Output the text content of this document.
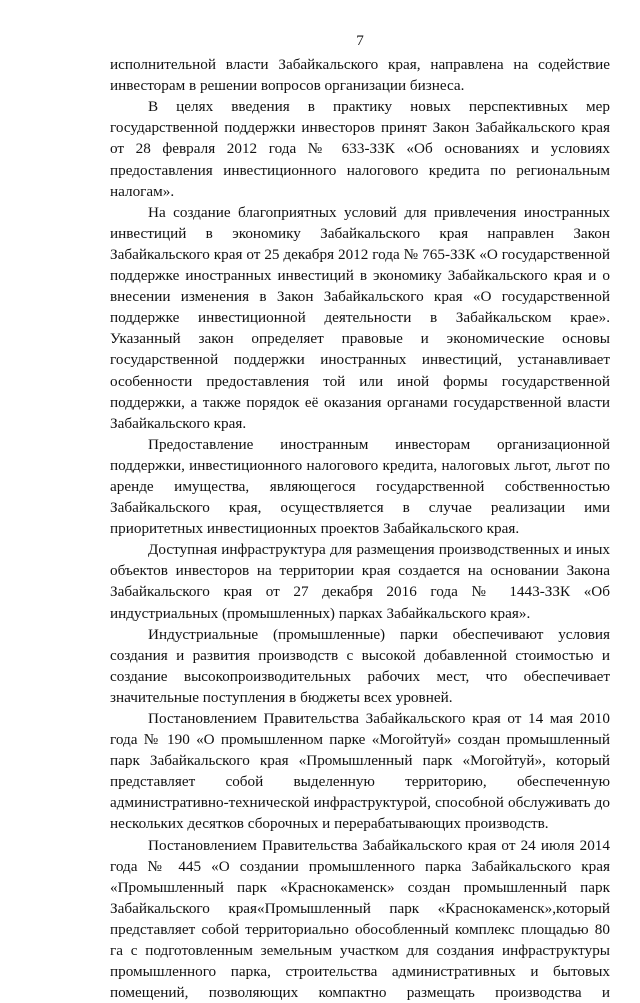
7

исполнительной власти Забайкальского края, направлена на содействие инвесторам в решении вопросов организации бизнеса.

В целях введения в практику новых перспективных мер государственной поддержки инвесторов принят Закон Забайкальского края от 28 февраля 2012 года № 633-ЗЗК «Об основаниях и условиях предоставления инвестиционного налогового кредита по региональным налогам».

На создание благоприятных условий для привлечения иностранных инвестиций в экономику Забайкальского края направлен Закон Забайкальского края от 25 декабря 2012 года № 765-ЗЗК «О государственной поддержке иностранных инвестиций в экономику Забайкальского края и о внесении изменения в Закон Забайкальского края «О государственной поддержке инвестиционной деятельности в Забайкальском крае». Указанный закон определяет правовые и экономические основы государственной поддержки иностранных инвестиций, устанавливает особенности предоставления той или иной формы государственной поддержки, а также порядок её оказания органами государственной власти Забайкальского края.

Предоставление иностранным инвесторам организационной поддержки, инвестиционного налогового кредита, налоговых льгот, льгот по аренде имущества, являющегося государственной собственностью Забайкальского края, осуществляется в случае реализации ими приоритетных инвестиционных проектов Забайкальского края.

Доступная инфраструктура для размещения производственных и иных объектов инвесторов на территории края создается на основании Закона Забайкальского края от 27 декабря 2016 года № 1443-ЗЗК «Об индустриальных (промышленных) парках Забайкальского края».

Индустриальные (промышленные) парки обеспечивают условия создания и развития производств с высокой добавленной стоимостью и создание высокопроизводительных рабочих мест, что обеспечивает значительные поступления в бюджеты всех уровней.

Постановлением Правительства Забайкальского края от 14 мая 2010 года № 190 «О промышленном парке «Могойтуй» создан промышленный парк Забайкальского края «Промышленный парк «Могойтуй», который представляет собой выделенную территорию, обеспеченную административно-технической инфраструктурой, способной обслуживать до нескольких десятков сборочных и перерабатывающих производств.

Постановлением Правительства Забайкальского края от 24 июля 2014 года № 445 «О создании промышленного парка Забайкальского края «Промышленный парк «Краснокаменск» создан промышленный парк Забайкальского края«Промышленный парк «Краснокаменск»,который представляет собой территориально обособленный комплекс площадью 80 га с подготовленным земельным участком для создания инфраструктуры промышленного парка, строительства административных и бытовых помещений, позволяющих компактно размещать производства и
